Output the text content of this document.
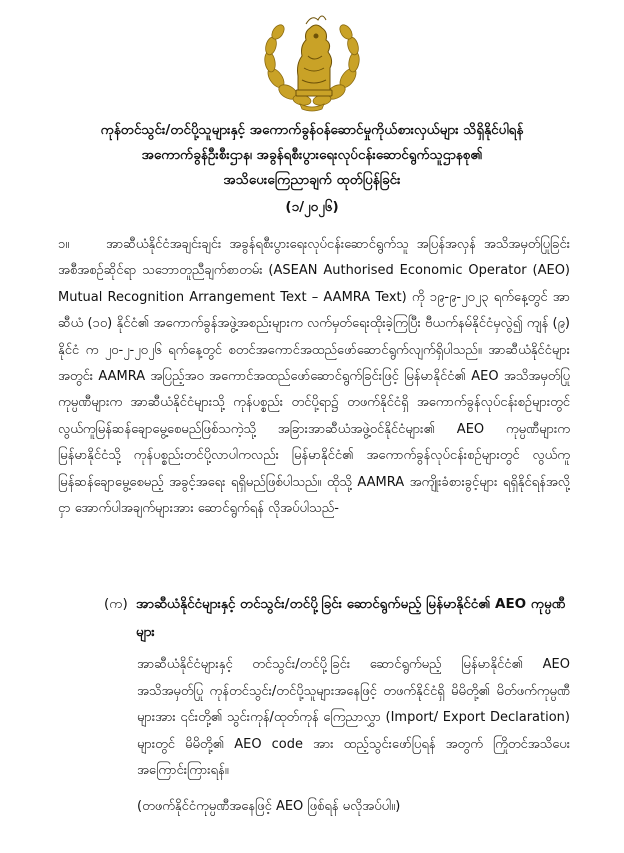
ကုန်တင်သွင်း/တင်ပို့သူများနှင့် အကောက်ခွန်ဝန်ဆောင်မှုကိုယ်စားလှယ်များ သိရှိနိုင်ပါရန်
အကောက်ခွန်ဦးစီးဌာန၊ အခွန်ရစီးပွားရေးလုပ်ငန်းဆောင်ရွက်သူဌာနစု၏
အသိပေးကြေညာချက် ထုတ်ပြန်ခြင်း
(၁/၂၀၂၆)
၁။	အာဆီယံနိုင်ငံအချင်းချင်း အခွန်ရစီးပွားရေးလုပ်ငန်းဆောင်ရွက်သူ အပြန်အလှန် အသိအမှတ်ပြုခြင်းအစီအစဉ်ဆိုင်ရာ သဘောတူညီချက်စာတမ်း (ASEAN Authorised Economic Operator (AEO) Mutual Recognition Arrangement Text – AAMRA Text) ကို ၁၉-၉-၂၀၂၃ ရက်နေ့တွင် အာဆီယံ (၁၀) နိုင်ငံ၏ အကောက်ခွန်အဖွဲ့အစည်းများက လက်မှတ်ရေးထိုးခဲ့ကြပြီး ဗီယက်နမ်နိုင်ငံမှလွဲ၍ ကျန် (၉) နိုင်ငံ က ၂၀-၂-၂၀၂၆ ရက်နေ့တွင် စတင်အကောင်အထည်ဖော်ဆောင်ရွက်လျက်ရှိပါသည်။ အာဆီယံနိုင်ငံများအတွင်း AAMRA အပြည့်အဝ အကောင်အထည်ဖော်ဆောင်ရွက်ခြင်းဖြင့် မြန်မာနိုင်ငံ၏ AEO အသိအမှတ်ပြု ကုမ္ပဏီများက အာဆီယံနိုင်ငံများသို့ ကုန်ပစ္စည်း တင်ပို့ရာ၌ တဖက်နိုင်ငံရှိ အကောက်ခွန်လုပ်ငန်းစဉ်များတွင် လွယ်ကူမြန်ဆန်ချောမွေ့စေမည်ဖြစ်သကဲ့သို့ အခြားအာဆီယံအဖွဲ့ဝင်နိုင်ငံများ၏ AEO ကုမ္ပဏီများက မြန်မာနိုင်ငံသို့ ကုန်ပစ္စည်းတင်ပို့လာပါကလည်း မြန်မာနိုင်ငံ၏ အကောက်ခွန်လုပ်ငန်းစဉ်များတွင် လွယ်ကူမြန်ဆန်ချောမွေ့စေမည့် အခွင့်အရေး ရရှိမည်ဖြစ်ပါသည်။ ထိုသို့ AAMRA အကျိုးခံစားခွင့်များ ရရှိနိုင်ရန်အလို့ငှာ အောက်ပါအချက်များအား ဆောင်ရွက်ရန် လိုအပ်ပါသည်-
(က) အာဆီယံနိုင်ငံများနှင့် တင်သွင်း/တင်ပို့ခြင်း ဆောင်ရွက်မည့် မြန်မာနိုင်ငံ၏ AEO ကုမ္ပဏီများ
အာဆီယံနိုင်ငံများနှင့် တင်သွင်း/တင်ပို့ခြင်း ဆောင်ရွက်မည့် မြန်မာနိုင်ငံ၏ AEO အသိအမှတ်ပြု ကုန်တင်သွင်း/တင်ပို့သူများအနေဖြင့် တဖက်နိုင်ငံရှိ မိမိတို့၏ မိတ်ဖက်ကုမ္ပဏီများအား ၎င်းတို့၏ သွင်းကုန်/ထုတ်ကုန် ကြေညာလွှာ (Import/ Export Declaration) များတွင် မိမိတို့၏ AEO code အား ထည့်သွင်းဖော်ပြရန် အတွက် ကြိုတင်အသိပေး အကြောင်းကြားရန်။
(တဖက်နိုင်ငံကုမ္ပဏီအနေဖြင့် AEO ဖြစ်ရန် မလိုအပ်ပါ။)
